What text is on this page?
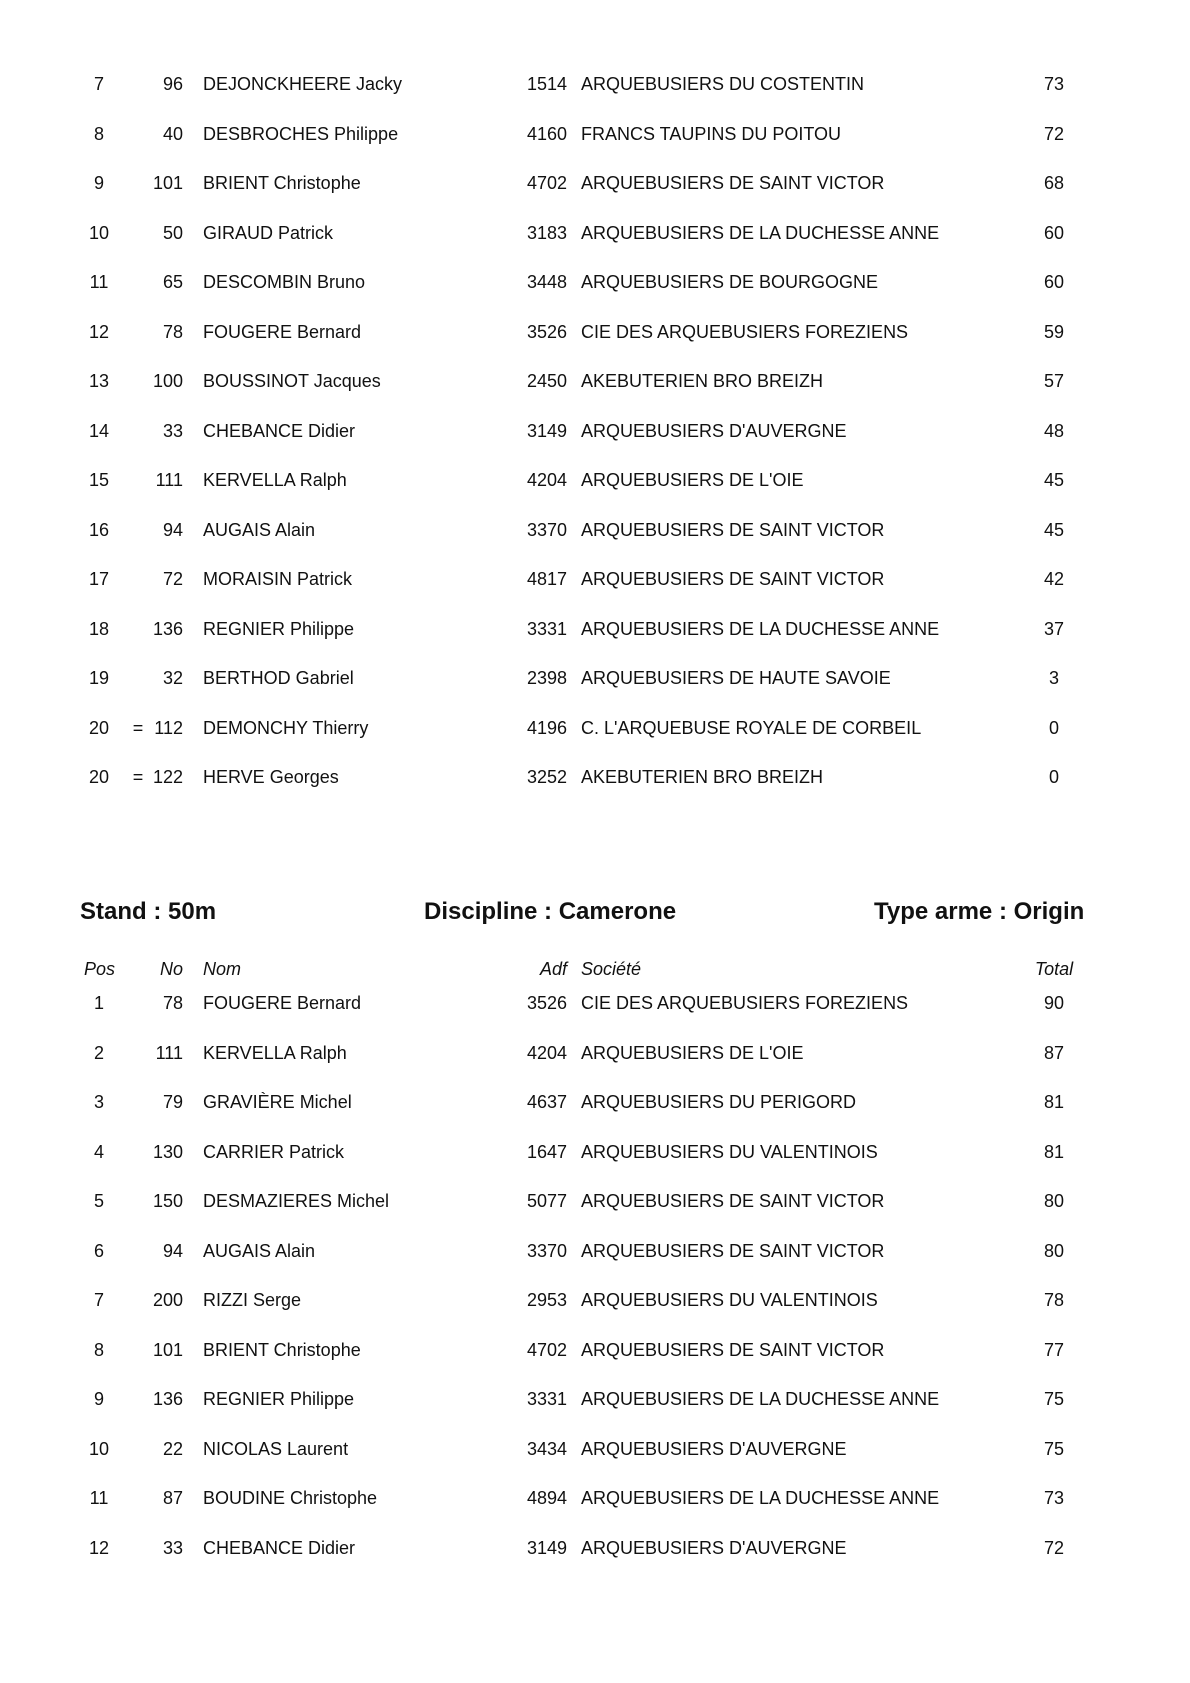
Stand : 50m	Discipline : Camerone	Type arme : Origin
Pos	No Nom	Adf Société	Total
7	96 DEJONCKHEERE Jacky	1514 ARQUEBUSIERS DU COSTENTIN	73
8	40 DESBROCHES Philippe	4160 FRANCS TAUPINS DU POITOU	72
9	101 BRIENT Christophe	4702 ARQUEBUSIERS DE SAINT VICTOR	68
10	50 GIRAUD Patrick	3183 ARQUEBUSIERS DE LA DUCHESSE ANNE	60
11	65 DESCOMBIN Bruno	3448 ARQUEBUSIERS DE BOURGOGNE	60
12	78 FOUGERE Bernard	3526 CIE DES ARQUEBUSIERS FOREZIENS	59
13	100 BOUSSINOT Jacques	2450 AKEBUTERIEN BRO BREIZH	57
14	33 CHEBANCE Didier	3149 ARQUEBUSIERS D'AUVERGNE	48
15	111 KERVELLA Ralph	4204 ARQUEBUSIERS DE L'OIE	45
16	94 AUGAIS Alain	3370 ARQUEBUSIERS DE SAINT VICTOR	45
17	72 MORAISIN Patrick	4817 ARQUEBUSIERS DE SAINT VICTOR	42
18	136 REGNIER Philippe	3331 ARQUEBUSIERS DE LA DUCHESSE ANNE	37
19	32 BERTHOD Gabriel	2398 ARQUEBUSIERS DE HAUTE SAVOIE	3
20 = 112 DEMONCHY Thierry	4196 C. L'ARQUEBUSE ROYALE DE CORBEIL	0
20 = 122 HERVE Georges	3252 AKEBUTERIEN BRO BREIZH	0
1	78 FOUGERE Bernard	3526 CIE DES ARQUEBUSIERS FOREZIENS	90
2	111 KERVELLA Ralph	4204 ARQUEBUSIERS DE L'OIE	87
3	79 GRAVIÈRE Michel	4637 ARQUEBUSIERS DU PERIGORD	81
4	130 CARRIER Patrick	1647 ARQUEBUSIERS DU VALENTINOIS	81
5	150 DESMAZIERES Michel	5077 ARQUEBUSIERS DE SAINT VICTOR	80
6	94 AUGAIS Alain	3370 ARQUEBUSIERS DE SAINT VICTOR	80
7	200 RIZZI Serge	2953 ARQUEBUSIERS DU VALENTINOIS	78
8	101 BRIENT Christophe	4702 ARQUEBUSIERS DE SAINT VICTOR	77
9	136 REGNIER Philippe	3331 ARQUEBUSIERS DE LA DUCHESSE ANNE	75
10	22 NICOLAS Laurent	3434 ARQUEBUSIERS D'AUVERGNE	75
11	87 BOUDINE Christophe	4894 ARQUEBUSIERS DE LA DUCHESSE ANNE	73
12	33 CHEBANCE Didier	3149 ARQUEBUSIERS D'AUVERGNE	72
